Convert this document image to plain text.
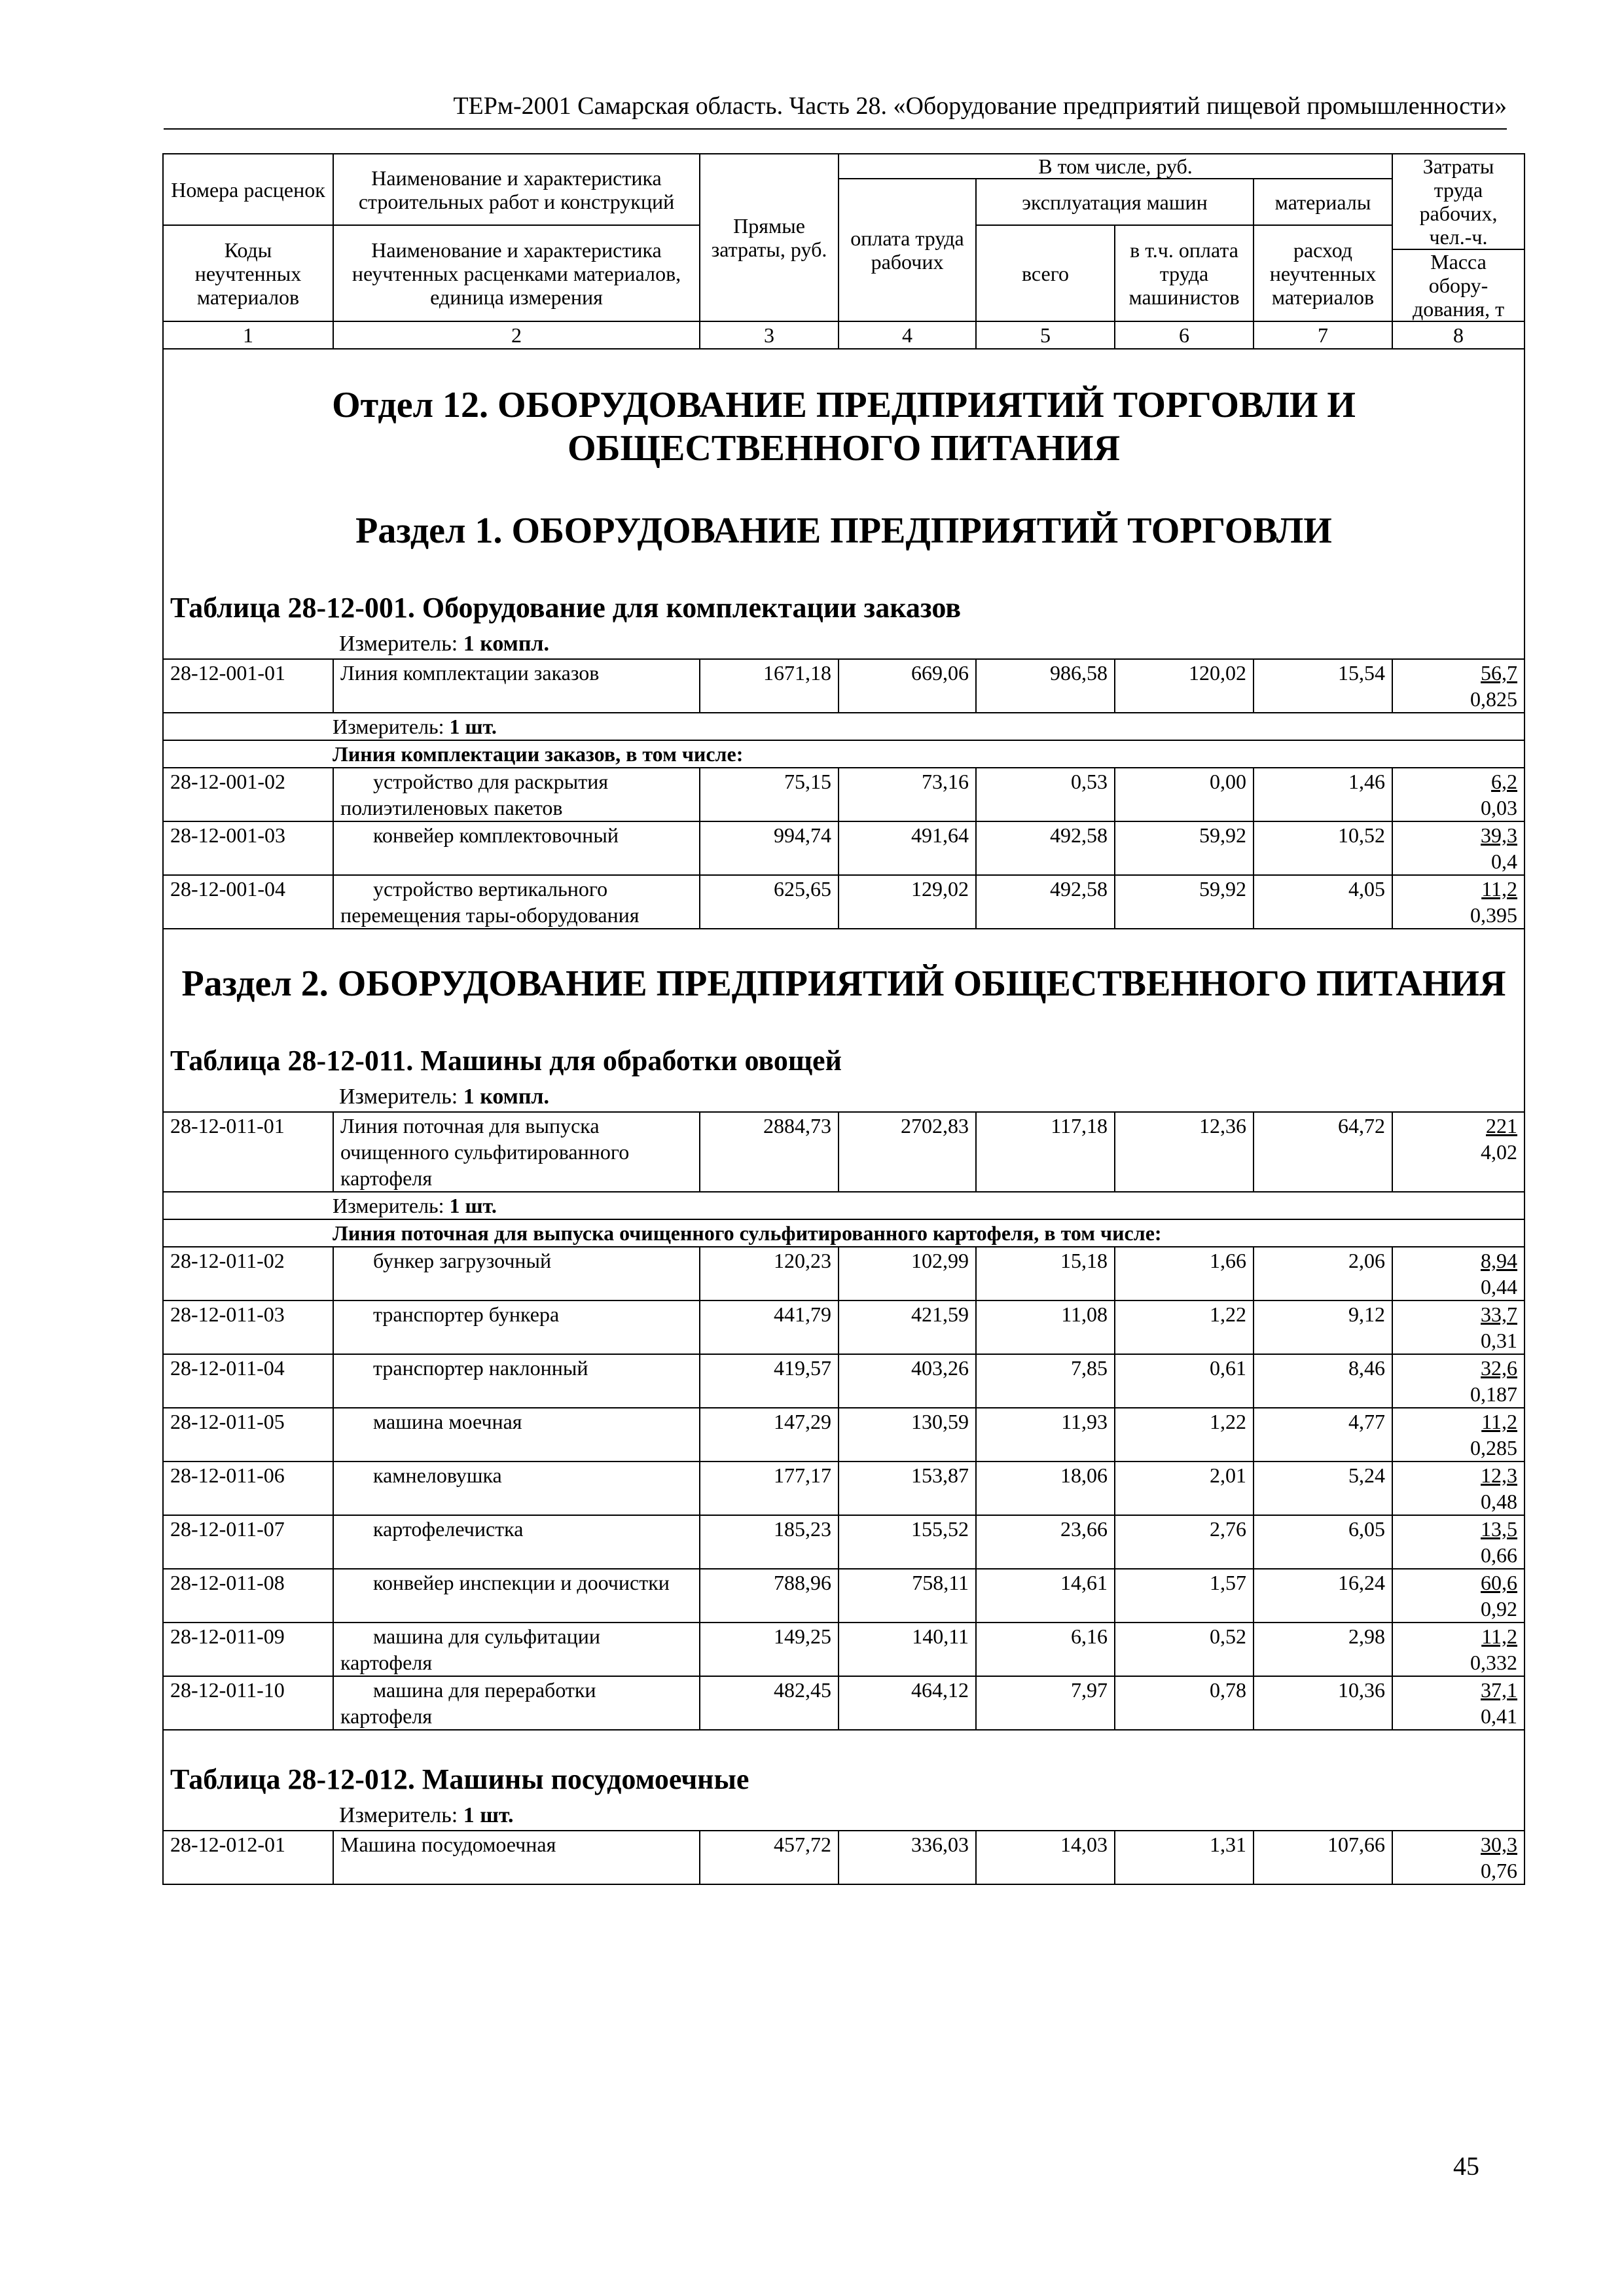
ТЕРм-2001 Самарская область. Часть 28. «Оборудование предприятий пищевой промышленности»
Номера расценок	Наименование и характеристика строительных работ и конструкций	Прямые затраты, руб.	В том числе, руб.				Затраты труда рабочих, чел.-ч.
			оплата труда рабочих	эксплуатация машин		материалы	
Коды неучтенных материалов	Наименование и характеристика неучтенных расценками материалов, единица измерения			всего	в т.ч. оплата труда машинистов	расход неучтенных материалов	

							Масса обору-дования, т
1	2	3	4	5	6	7	8

Отдел 12. ОБОРУДОВАНИЕ ПРЕДПРИЯТИЙ ТОРГОВЛИ И ОБЩЕСТВЕННОГО ПИТАНИЯ
Раздел 1. ОБОРУДОВАНИЕ ПРЕДПРИЯТИЙ ТОРГОВЛИ
Таблица 28-12-001. Оборудование для комплектации заказов
Измеритель: 1 компл.							

28-12-001-01	Линия комплектации заказов	1671,18	669,06	986,58	120,02	15,54	56,7
0,825

Измеритель: 1 шт.							
Линия комплектации заказов, в том числе:							
28-12-001-02	устройство для раскрытия полиэтиленовых пакетов	75,15	73,16	0,53	0,00	1,46	6,2
0,03

28-12-001-03	конвейер комплектовочный	994,74	491,64	492,58	59,92	10,52	39,3
0,4

28-12-001-04	устройство вертикального перемещения тары-оборудования	625,65	129,02	492,58	59,92	4,05	11,2
0,395

Раздел 2. ОБОРУДОВАНИЕ ПРЕДПРИЯТИЙ ОБЩЕСТВЕННОГО ПИТАНИЯ
Таблица 28-12-011. Машины для обработки овощей
Измеритель: 1 компл.							

28-12-011-01	Линия поточная для выпуска очищенного сульфитированного картофеля	2884,73	2702,83	117,18	12,36	64,72	221
4,02

Измеритель: 1 шт.							
Линия поточная для выпуска очищенного сульфитированного картофеля, в том числе:							
28-12-011-02	бункер загрузочный	120,23	102,99	15,18	1,66	2,06	8,94
0,44

28-12-011-03	транспортер бункера	441,79	421,59	11,08	1,22	9,12	33,7
0,31

28-12-011-04	транспортер наклонный	419,57	403,26	7,85	0,61	8,46	32,6
0,187

28-12-011-05	машина моечная	147,29	130,59	11,93	1,22	4,77	11,2
0,285

28-12-011-06	камнеловушка	177,17	153,87	18,06	2,01	5,24	12,3
0,48

28-12-011-07	картофелечистка	185,23	155,52	23,66	2,76	6,05	13,5
0,66

28-12-011-08	конвейер инспекции и доочистки	788,96	758,11	14,61	1,57	16,24	60,6
0,92

28-12-011-09	машина для сульфитации картофеля	149,25	140,11	6,16	0,52	2,98	11,2
0,332

28-12-011-10	машина для переработки картофеля	482,45	464,12	7,97	0,78	10,36	37,1
0,41

Таблица 28-12-012. Машины посудомоечные
Измеритель: 1 шт.							

28-12-012-01	Машина посудомоечная	457,72	336,03	14,03	1,31	107,66	30,3
0,76
45
